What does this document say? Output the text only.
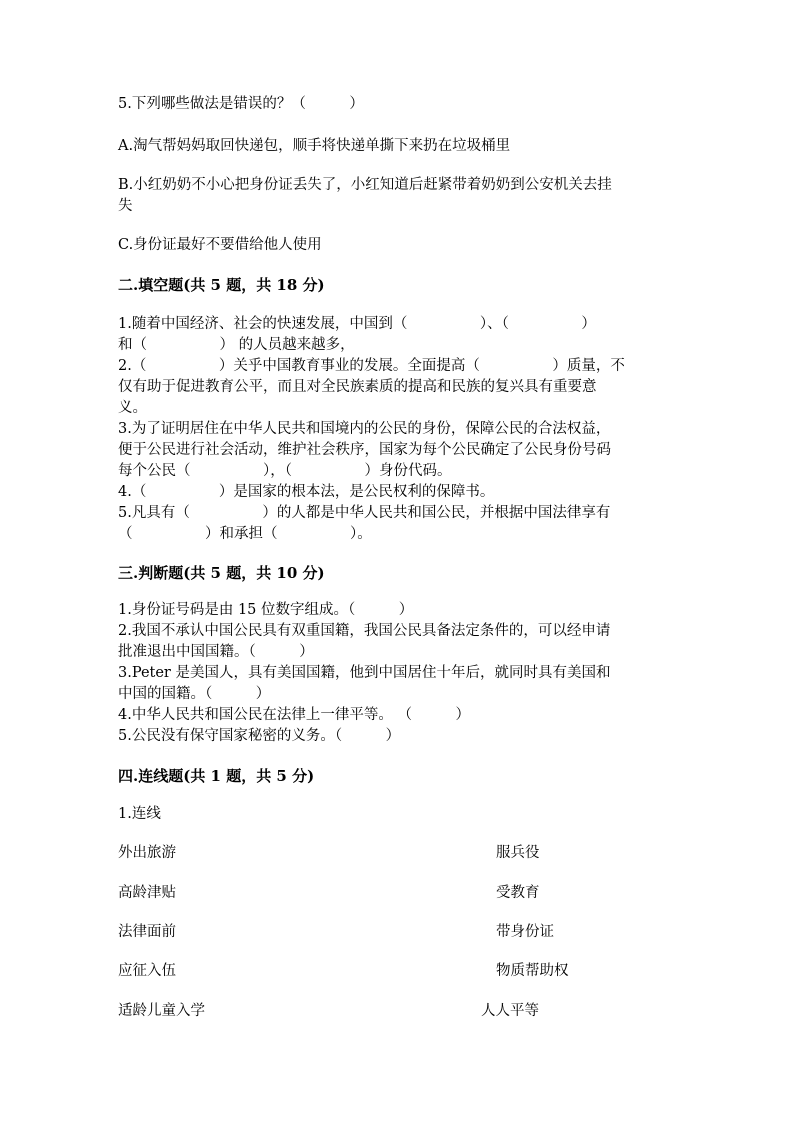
5.下列哪些做法是错误的？（　　　）
A.淘气帮妈妈取回快递包，顺手将快递单撕下来扔在垃圾桶里
B.小红奶奶不小心把身份证丢失了，小红知道后赶紧带着奶奶到公安机关去挂
失
C.身份证最好不要借给他人使用
二.填空题(共 5 题，共 18 分)
1.随着中国经济、社会的快速发展，中国到（　　　　　）、（　　　　　）
和（　　　　　） 的人员越来越多，
2.（　　　　　）关乎中国教育事业的发展。全面提高（　　　　　）质量，不
仅有助于促进教育公平，而且对全民族素质的提高和民族的复兴具有重要意
义。
3.为了证明居住在中华人民共和国境内的公民的身份，保障公民的合法权益，
便于公民进行社会活动，维护社会秩序，国家为每个公民确定了公民身份号码
每个公民（　　　　　），（　　　　　）身份代码。
4.（　　　　　）是国家的根本法，是公民权利的保障书。
5.凡具有（　　　　　）的人都是中华人民共和国公民，并根据中国法律享有
（　　　　　）和承担（　　　　　）。
三.判断题(共 5 题，共 10 分)
1.身份证号码是由 15 位数字组成。（　　　）
2.我国不承认中国公民具有双重国籍，我国公民具备法定条件的，可以经申请
批准退出中国国籍。（　　　）
3.Peter 是美国人，具有美国国籍，他到中国居住十年后，就同时具有美国和
中国的国籍。（　　　）
4.中华人民共和国公民在法律上一律平等。 （　　　）
5.公民没有保守国家秘密的义务。（　　　）
四.连线题(共 1 题，共 5 分)
1.连线
外出旅游
高龄津贴
法律面前
应征入伍
适龄儿童入学
服兵役
受教育
带身份证
物质帮助权
人人平等
